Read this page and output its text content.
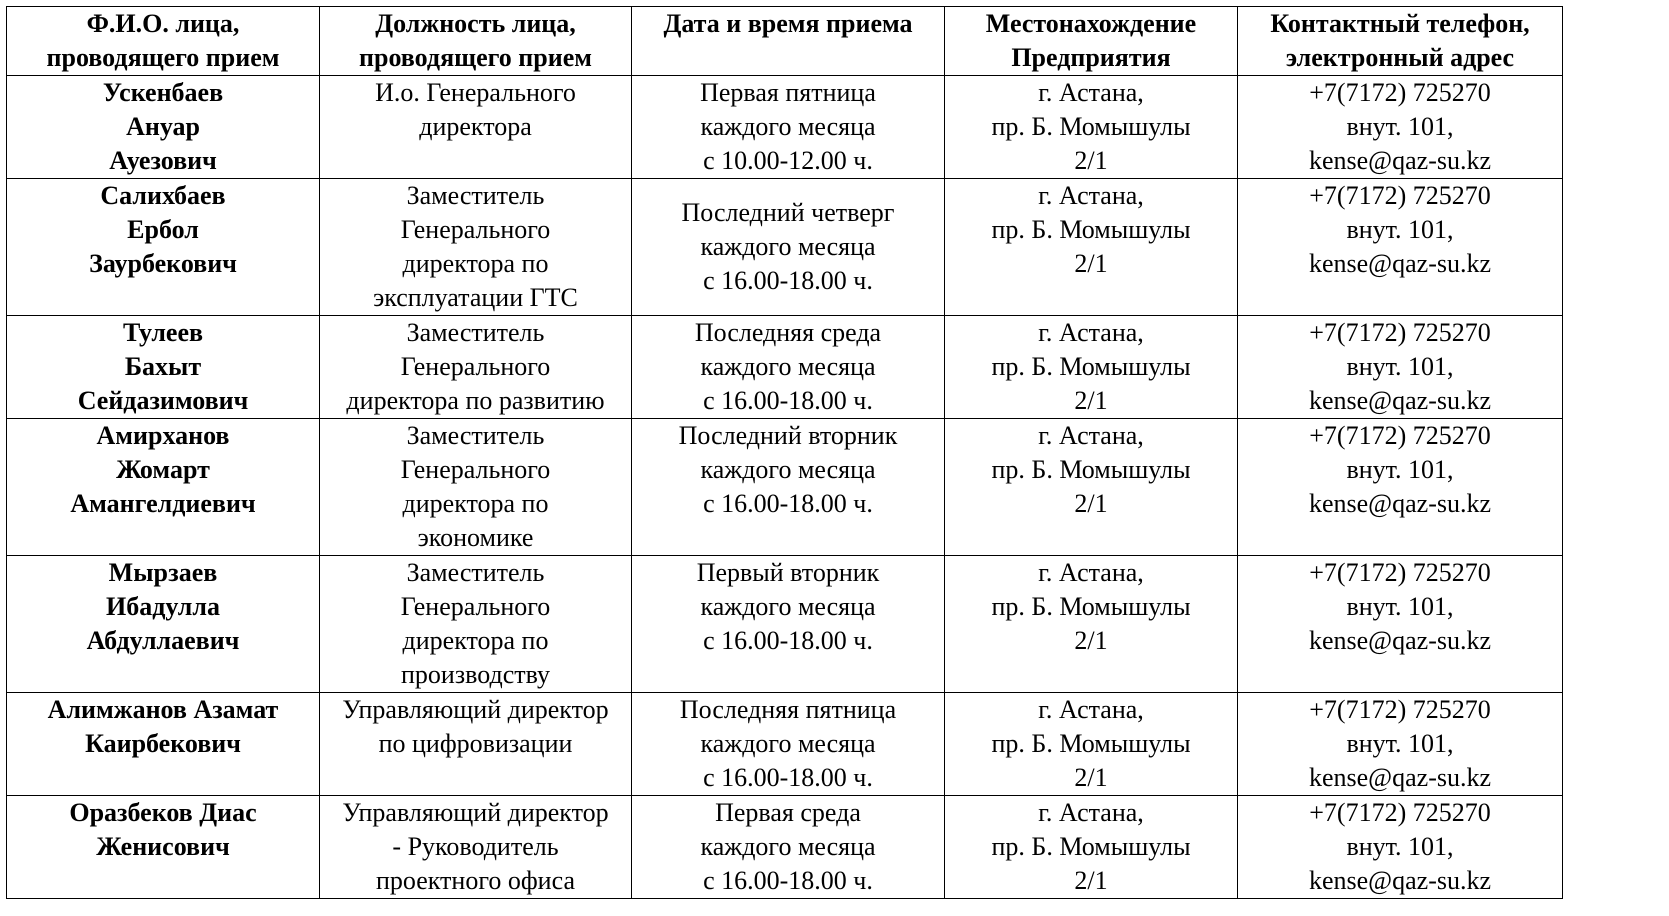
Ф.И.О. лица,
проводящего прием	Должность лица,
проводящего прием	Дата и время приема	Местонахождение
Предприятия	Контактный телефон,
электронный адрес

Ускенбаев
Ануар
Ауезович	И.о. Генерального
директора	Первая пятница
каждого месяца
с 10.00-12.00 ч.	г. Астана,
пр. Б. Момышулы
2/1	+7(7172) 725270
внут. 101,
kense@qaz-su.kz

Салихбаев
Ербол
Заурбекович	Заместитель
Генерального
директора по
эксплуатации ГТС	Последний четверг
каждого месяца
с 16.00-18.00 ч.	г. Астана,
пр. Б. Момышулы
2/1	+7(7172) 725270
внут. 101,
kense@qaz-su.kz

Тулеев
Бахыт
Сейдазимович	Заместитель
Генерального
директора по развитию	Последняя среда
каждого месяца
с 16.00-18.00 ч.	г. Астана,
пр. Б. Момышулы
2/1	+7(7172) 725270
внут. 101,
kense@qaz-su.kz

Амирханов
Жомарт
Амангелдиевич	Заместитель
Генерального
директора по
экономике	Последний вторник
каждого месяца
с 16.00-18.00 ч.	г. Астана,
пр. Б. Момышулы
2/1	+7(7172) 725270
внут. 101,
kense@qaz-su.kz

Мырзаев
Ибадулла
Абдуллаевич	Заместитель
Генерального
директора по
производству	Первый вторник
каждого месяца
с 16.00-18.00 ч.	г. Астана,
пр. Б. Момышулы
2/1	+7(7172) 725270
внут. 101,
kense@qaz-su.kz

Алимжанов Азамат
Каирбекович	Управляющий директор
по цифровизации	Последняя пятница
каждого месяца
с 16.00-18.00 ч.	г. Астана,
пр. Б. Момышулы
2/1	+7(7172) 725270
внут. 101,
kense@qaz-su.kz

Оразбеков Диас
Женисович	Управляющий директор
- Руководитель
проектного офиса	Первая среда
каждого месяца
с 16.00-18.00 ч.	г. Астана,
пр. Б. Момышулы
2/1	+7(7172) 725270
внут. 101,
kense@qaz-su.kz
